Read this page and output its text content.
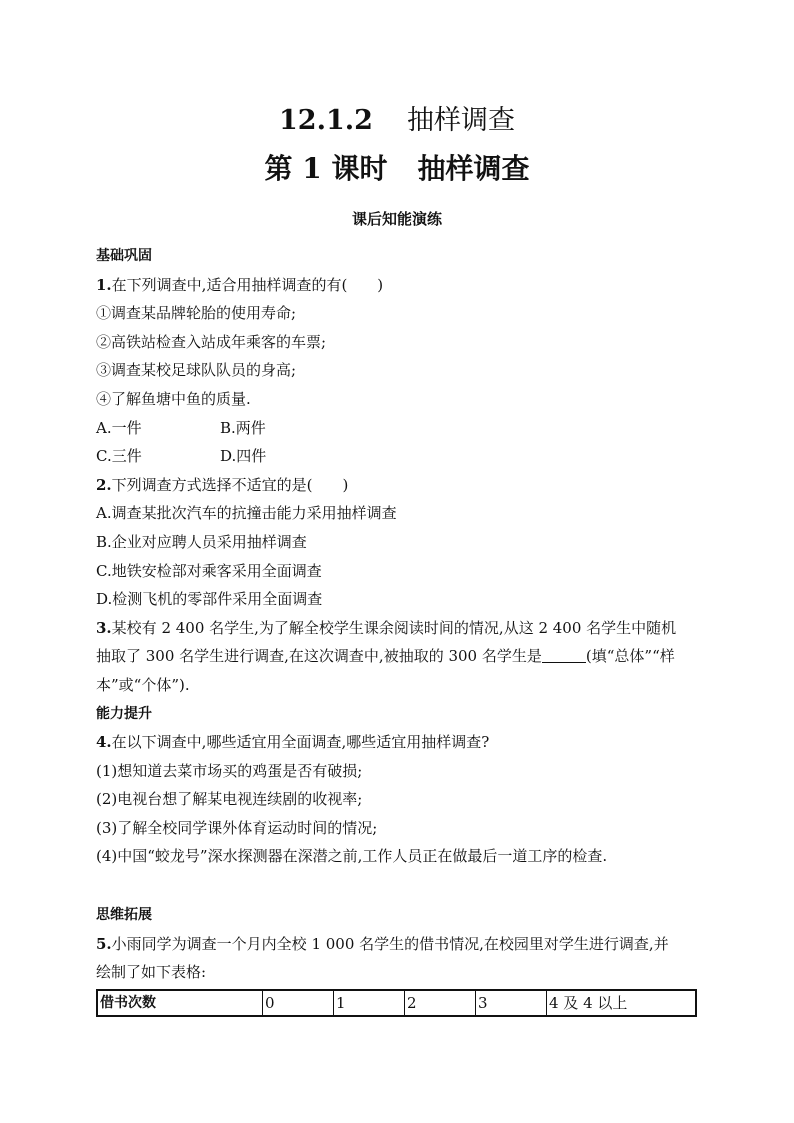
12.1.2 抽样调查
第 1 课时 抽样调查
课后知能演练
基础巩固
1.在下列调查中,适合用抽样调查的有(　　)
①调查某品牌轮胎的使用寿命;
②高铁站检查入站成年乘客的车票;
③调查某校足球队队员的身高;
④了解鱼塘中鱼的质量.
A.一件	B.两件
C.三件	D.四件
2.下列调查方式选择不适宜的是(　　)
A.调查某批次汽车的抗撞击能力采用抽样调查
B.企业对应聘人员采用抽样调查
C.地铁安检部对乘客采用全面调查
D.检测飞机的零部件采用全面调查
3.某校有 2 400 名学生,为了解全校学生课余阅读时间的情况,从这 2 400 名学生中随机
抽取了 300 名学生进行调查,在这次调查中,被抽取的 300 名学生是	(填“总体”“样
本”或“个体”).
能力提升
4.在以下调查中,哪些适宜用全面调查,哪些适宜用抽样调查?
(1)想知道去菜市场买的鸡蛋是否有破损;
(2)电视台想了解某电视连续剧的收视率;
(3)了解全校同学课外体育运动时间的情况;
(4)中国“蛟龙号”深水探测器在深潜之前,工作人员正在做最后一道工序的检查.
思维拓展
5.小雨同学为调查一个月内全校 1 000 名学生的借书情况,在校园里对学生进行调查,并
绘制了如下表格:
借书次数	0	1	2	3	4 及 4 以上
